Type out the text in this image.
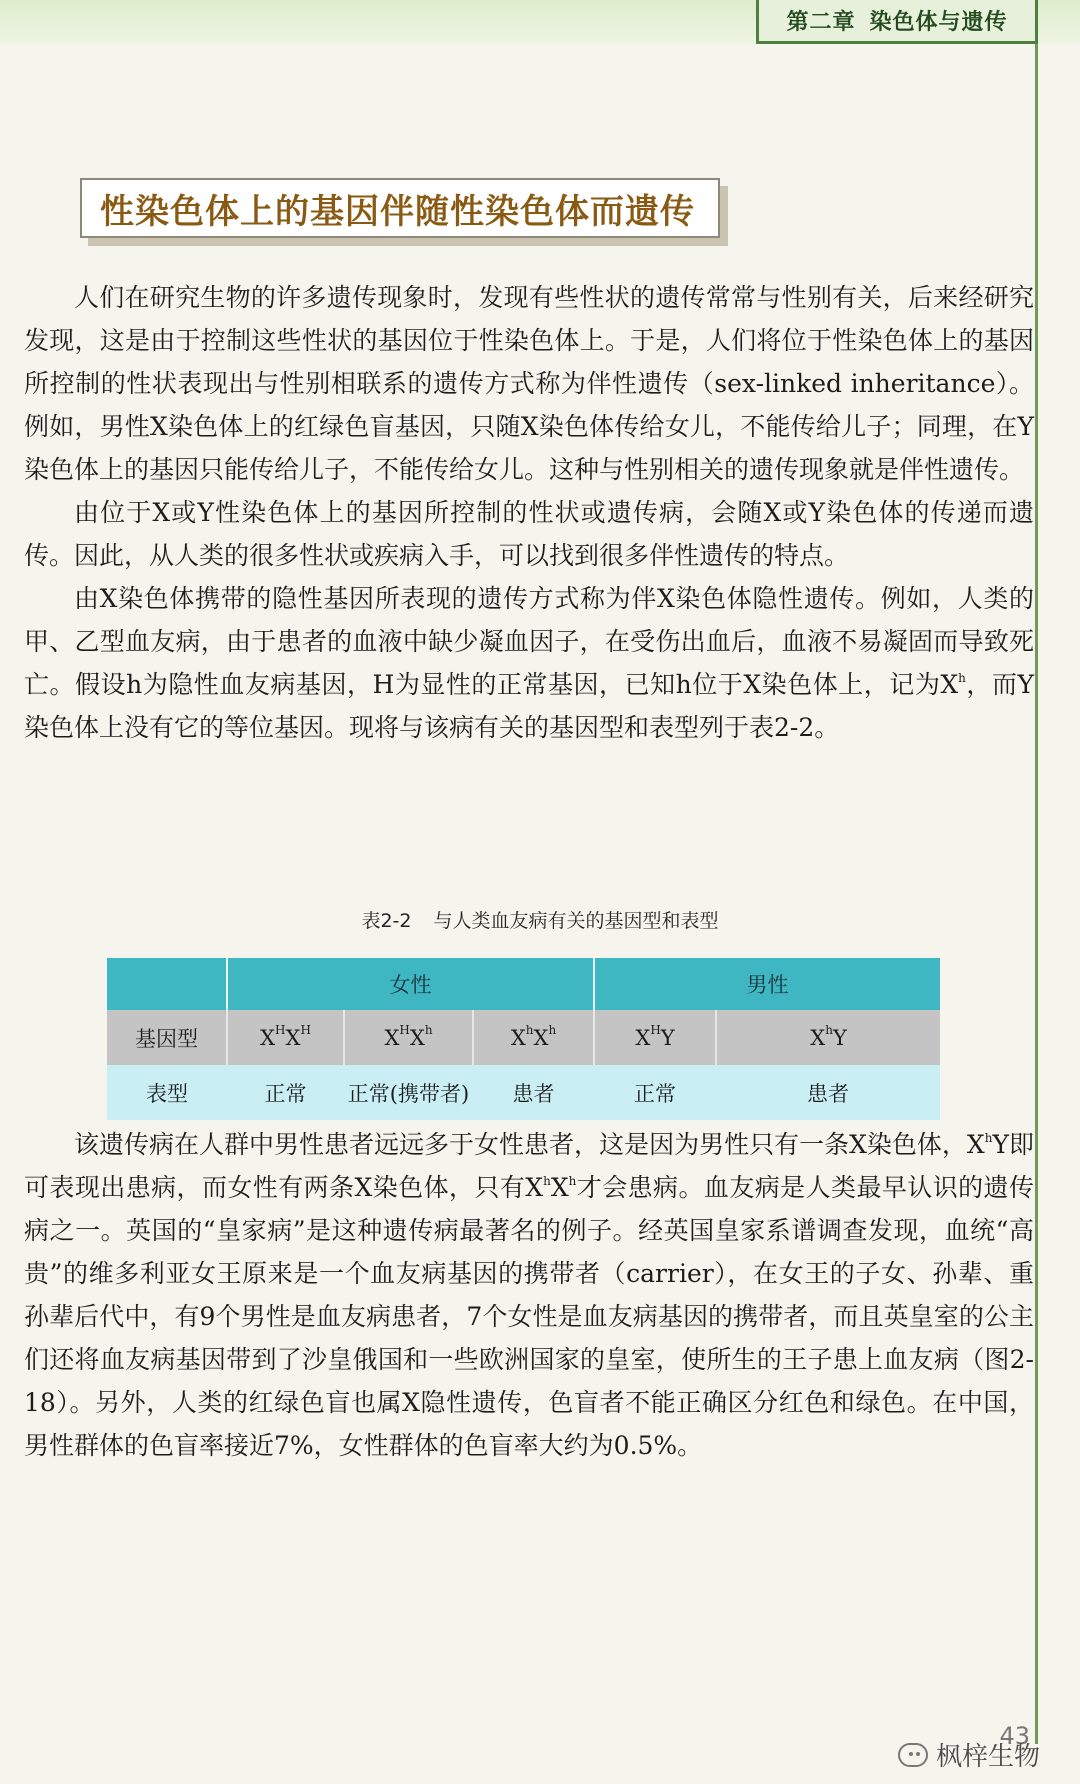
第二章 染色体与遗传
性染色体上的基因伴随性染色体而遗传

人们在研究生物的许多遗传现象时，发现有些性状的遗传常常与性别有关，后来经研究发现，这是由于控制这些性状的基因位于性染色体上。于是，人们将位于性染色体上的基因所控制的性状表现出与性别相联系的遗传方式称为伴性遗传（sex-linked inheritance）。例如，男性X染色体上的红绿色盲基因，只随X染色体传给女儿，不能传给儿子；同理，在Y染色体上的基因只能传给儿子，不能传给女儿。这种与性别相关的遗传现象就是伴性遗传。

由位于X或Y性染色体上的基因所控制的性状或遗传病，会随X或Y染色体的传递而遗传。因此，从人类的很多性状或疾病入手，可以找到很多伴性遗传的特点。

由X染色体携带的隐性基因所表现的遗传方式称为伴X染色体隐性遗传。例如，人类的甲、乙型血友病，由于患者的血液中缺少凝血因子，在受伤出血后，血液不易凝固而导致死亡。假设h为隐性血友病基因，H为显性的正常基因，已知h位于X染色体上，记为$X^h$，而Y染色体上没有它的等位基因。现将与该病有关的基因型和表型列于表2-2。

表2-2 与人类血友病有关的基因型和表型
	女性			男性	
基因型	$X^HX^H$	$X^HX^h$	$X^hX^h$	$X^HY$	$X^hY$
表型	正常	正常(携带者)	患者	正常	患者

该遗传病在人群中男性患者远远多于女性患者，这是因为男性只有一条X染色体，$X^hY$即可表现出患病，而女性有两条X染色体，只有$X^hX^h$才会患病。血友病是人类最早认识的遗传病之一。英国的“皇家病”是这种遗传病最著名的例子。经英国皇家系谱调查发现，血统“高贵”的维多利亚女王原来是一个血友病基因的携带者（carrier），在女王的子女、孙辈、重孙辈后代中，有9个男性是血友病患者，7个女性是血友病基因的携带者，而且英皇室的公主们还将血友病基因带到了沙皇俄国和一些欧洲国家的皇室，使所生的王子患上血友病（图2-18）。另外，人类的红绿色盲也属X隐性遗传，色盲者不能正确区分红色和绿色。在中国，男性群体的色盲率接近7%，女性群体的色盲率大约为0.5%。

43
枫梓生物
